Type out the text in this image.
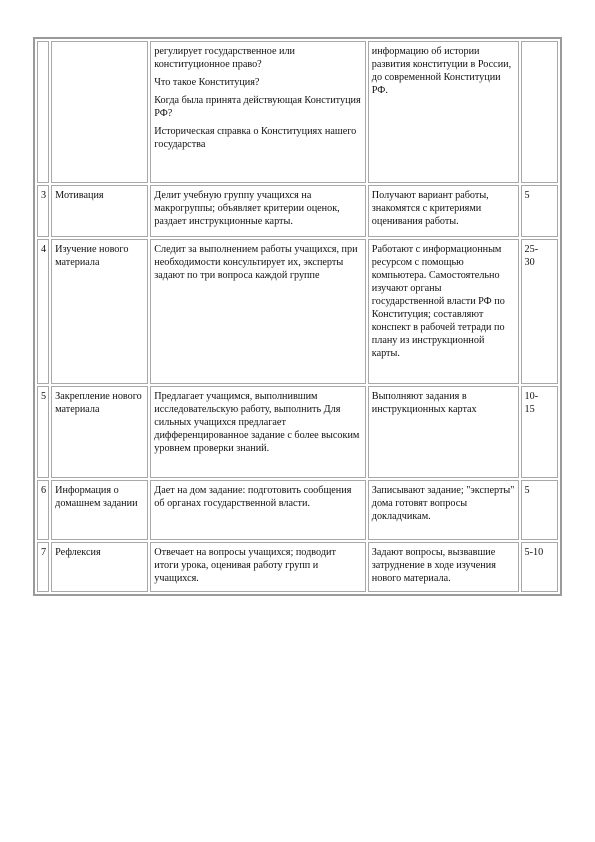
		регулирует государственное или конституционное право?
Что такое Конституция?
Когда была принята действующая Конституция РФ?
Историческая справка о Конституциях нашего государства	информацию об истории развития конституции в России, до современной Конституции РФ.	
3	Мотивация	Делит учебную группу учащихся на макрогруппы; объявляет критерии оценок, раздает инструкционные карты.	Получают вариант работы, знакомятся с критериями оценивания работы.	5
4	Изучение нового материала	Следит за выполнением работы учащихся, при необходимости консультирует их, эксперты задают по три вопроса каждой группе	Работают с информационным ресурсом с помощью компьютера. Самостоятельно изучают органы государственной власти РФ по Конституция; составляют конспект в рабочей тетради по плану из инструкционной карты.	25-
30
5	Закрепление нового материала	Предлагает учащимся, выполнившим исследовательскую работу, выполнить Для сильных учащихся предлагает дифференцированное задание с более высоким уровнем проверки знаний.	Выполняют задания в инструкционных картах	10-
15
6	Информация о домашнем задании	Дает на дом задание: подготовить сообщения об органах государственной власти.	Записывают задание; "эксперты" дома готовят вопросы докладчикам.	5
7	Рефлексия	Отвечает на вопросы учащихся; подводит итоги урока, оценивая работу групп и учащихся.	Задают вопросы, вызвавшие затруднение в ходе изучения нового материала.	5-10
